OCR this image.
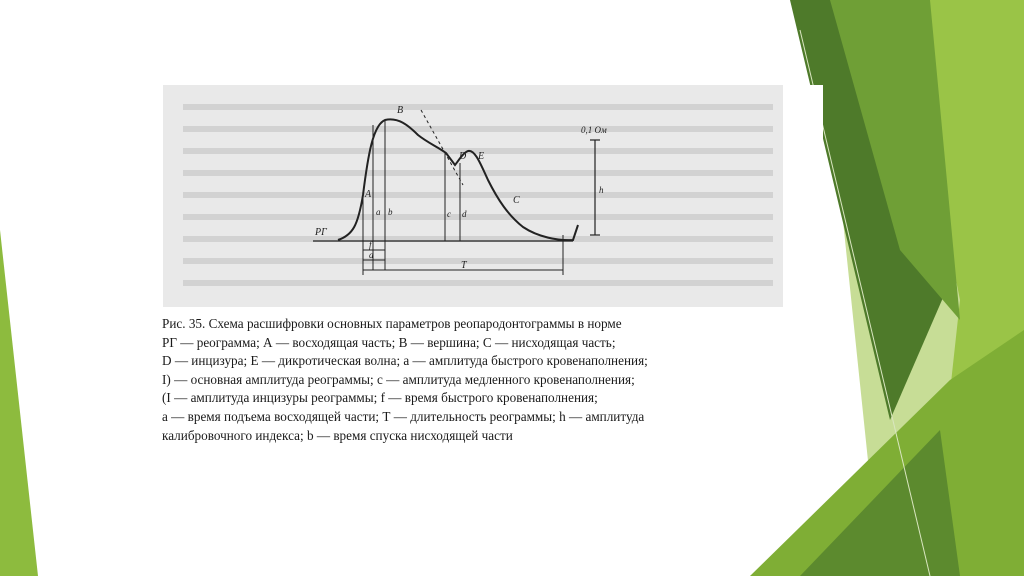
B
A
C
D E
PГ
0,1 Ом
a b	c d
h
f
a
T
Рис. 35. Схема расшифровки основных параметров реопародонтограммы в норме
РГ — реограмма; А — восходящая часть; В — вершина; С — нисходящая часть;
D — инцизура; Е — дикротическая волна; а — амплитуда быстрого кровенаполнения;
I) — основная амплитуда реограммы; с — амплитуда медленного кровенаполнения;
(I — амплитуда инцизуры реограммы; f — время быстрого кровенаполнения;
а — время подъема восходящей части; Т — длительность реограммы; h — амплитуда
калибровочного индекса; b — время спуска нисходящей части
